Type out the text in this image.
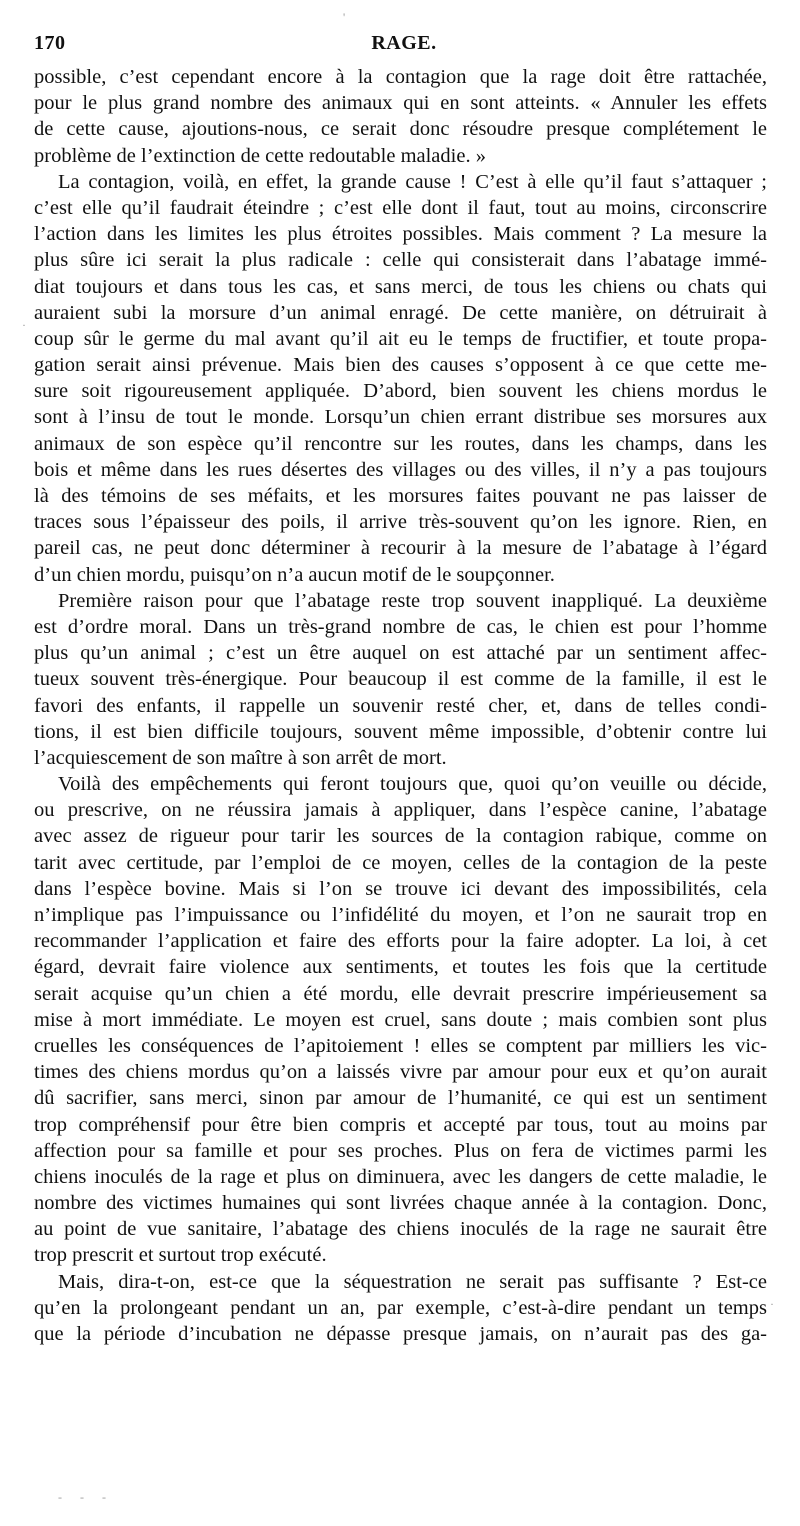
170	RAGE.
possible, c’est cependant encore à la contagion que la rage doit être rattachée,
pour le plus grand nombre des animaux qui en sont atteints. « Annuler les effets
de cette cause, ajoutions-nous, ce serait donc résoudre presque complétement le
problème de l’extinction de cette redoutable maladie. »
La contagion, voilà, en effet, la grande cause ! C’est à elle qu’il faut s’attaquer ;
c’est elle qu’il faudrait éteindre ; c’est elle dont il faut, tout au moins, circonscrire
l’action dans les limites les plus étroites possibles. Mais comment ? La mesure la
plus sûre ici serait la plus radicale : celle qui consisterait dans l’abatage immé-
diat toujours et dans tous les cas, et sans merci, de tous les chiens ou chats qui
auraient subi la morsure d’un animal enragé. De cette manière, on détruirait à
coup sûr le germe du mal avant qu’il ait eu le temps de fructifier, et toute propa-
gation serait ainsi prévenue. Mais bien des causes s’opposent à ce que cette me-
sure soit rigoureusement appliquée. D’abord, bien souvent les chiens mordus le
sont à l’insu de tout le monde. Lorsqu’un chien errant distribue ses morsures aux
animaux de son espèce qu’il rencontre sur les routes, dans les champs, dans les
bois et même dans les rues désertes des villages ou des villes, il n’y a pas toujours
là des témoins de ses méfaits, et les morsures faites pouvant ne pas laisser de
traces sous l’épaisseur des poils, il arrive très-souvent qu’on les ignore. Rien, en
pareil cas, ne peut donc déterminer à recourir à la mesure de l’abatage à l’égard
d’un chien mordu, puisqu’on n’a aucun motif de le soupçonner.
Première raison pour que l’abatage reste trop souvent inappliqué. La deuxième
est d’ordre moral. Dans un très-grand nombre de cas, le chien est pour l’homme
plus qu’un animal ; c’est un être auquel on est attaché par un sentiment affec-
tueux souvent très-énergique. Pour beaucoup il est comme de la famille, il est le
favori des enfants, il rappelle un souvenir resté cher, et, dans de telles condi-
tions, il est bien difficile toujours, souvent même impossible, d’obtenir contre lui
l’acquiescement de son maître à son arrêt de mort.
Voilà des empêchements qui feront toujours que, quoi qu’on veuille ou décide,
ou prescrive, on ne réussira jamais à appliquer, dans l’espèce canine, l’abatage
avec assez de rigueur pour tarir les sources de la contagion rabique, comme on
tarit avec certitude, par l’emploi de ce moyen, celles de la contagion de la peste
dans l’espèce bovine. Mais si l’on se trouve ici devant des impossibilités, cela
n’implique pas l’impuissance ou l’infidélité du moyen, et l’on ne saurait trop en
recommander l’application et faire des efforts pour la faire adopter. La loi, à cet
égard, devrait faire violence aux sentiments, et toutes les fois que la certitude
serait acquise qu’un chien a été mordu, elle devrait prescrire impérieusement sa
mise à mort immédiate. Le moyen est cruel, sans doute ; mais combien sont plus
cruelles les conséquences de l’apitoiement ! elles se comptent par milliers les vic-
times des chiens mordus qu’on a laissés vivre par amour pour eux et qu’on aurait
dû sacrifier, sans merci, sinon par amour de l’humanité, ce qui est un sentiment
trop compréhensif pour être bien compris et accepté par tous, tout au moins par
affection pour sa famille et pour ses proches. Plus on fera de victimes parmi les
chiens inoculés de la rage et plus on diminuera, avec les dangers de cette maladie, le
nombre des victimes humaines qui sont livrées chaque année à la contagion. Donc,
au point de vue sanitaire, l’abatage des chiens inoculés de la rage ne saurait être
trop prescrit et surtout trop exécuté.
Mais, dira-t-on, est-ce que la séquestration ne serait pas suffisante ? Est-ce
qu’en la prolongeant pendant un an, par exemple, c’est-à-dire pendant un temps
que la période d’incubation ne dépasse presque jamais, on n’aurait pas des ga-
'
·
·
- - -
